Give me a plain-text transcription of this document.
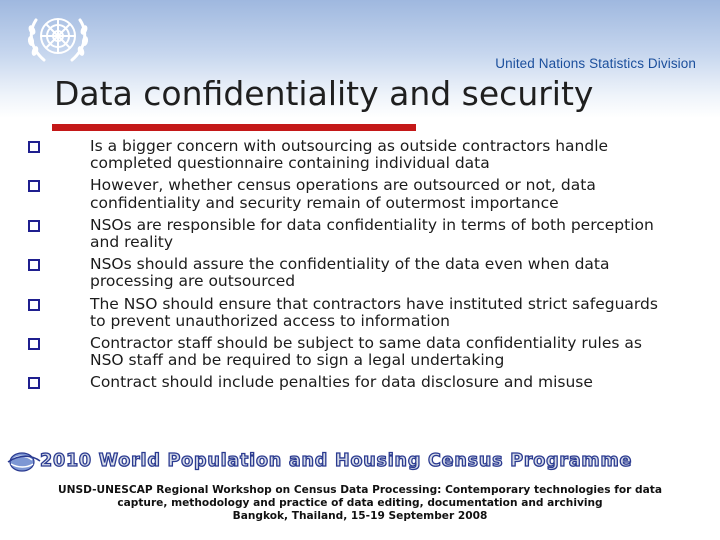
United Nations Statistics Division
Data confidentiality and security
Is a bigger concern with outsourcing as outside contractors handle completed questionnaire containing individual data
However, whether census operations are outsourced or not, data confidentiality and security remain of outermost importance
NSOs are responsible for data confidentiality in terms of both perception and reality
NSOs should assure the confidentiality of the data even when data processing are outsourced
The NSO should ensure that contractors have instituted strict safeguards to prevent unauthorized access to information
Contractor staff should be subject to same data confidentiality rules as NSO staff and be required to sign a legal undertaking
Contract should include penalties for data disclosure and misuse
2010 World Population and Housing Census Programme
UNSD-UNESCAP Regional Workshop on Census Data Processing: Contemporary technologies for data
capture, methodology and practice of data editing, documentation and archiving
Bangkok, Thailand, 15-19 September 2008
